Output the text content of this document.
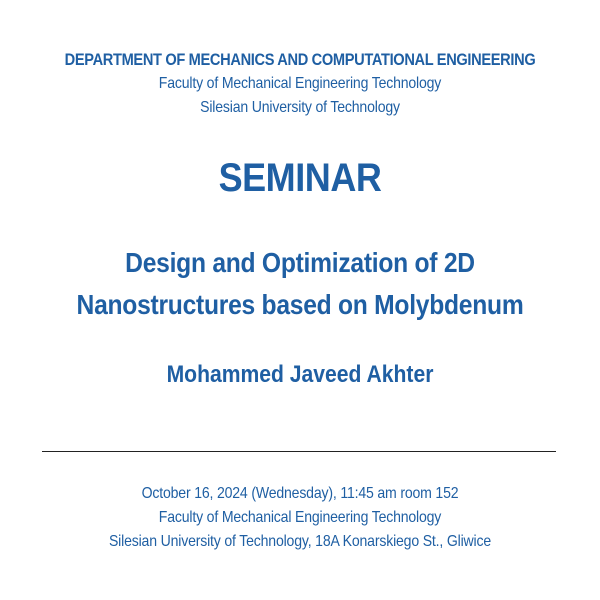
DEPARTMENT OF MECHANICS AND COMPUTATIONAL ENGINEERING
Faculty of Mechanical Engineering Technology
Silesian University of Technology
SEMINAR
Design and Optimization of 2D
Nanostructures based on Molybdenum
Mohammed Javeed Akhter
October 16, 2024 (Wednesday), 11:45 am room 152
Faculty of Mechanical Engineering Technology
Silesian University of Technology, 18A Konarskiego St., Gliwice
